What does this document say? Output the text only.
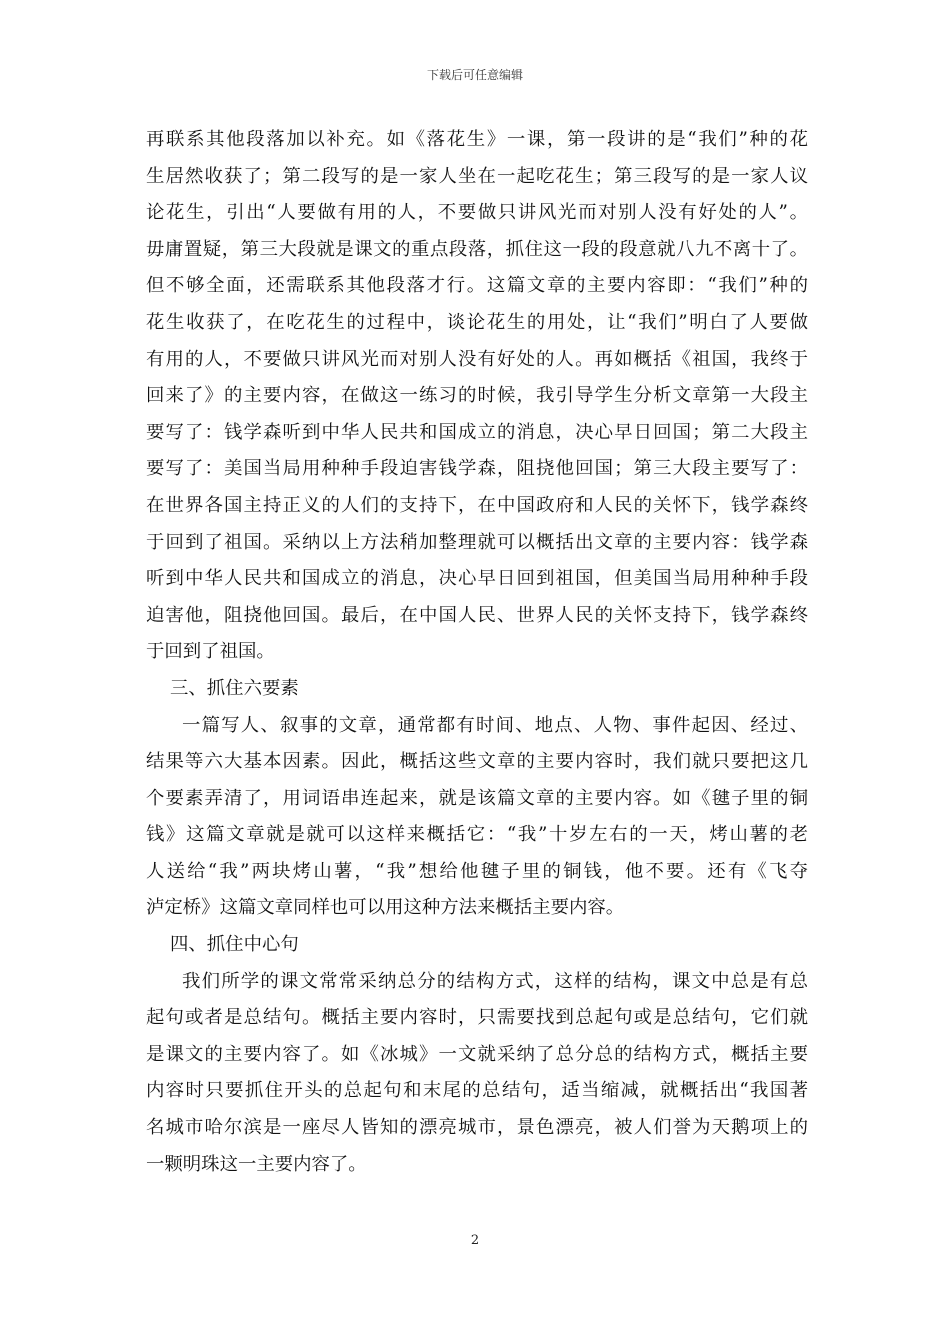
下载后可任意编辑
再联系其他段落加以补充。如《落花生》一课，第一段讲的是“我们”种的花
生居然收获了；第二段写的是一家人坐在一起吃花生；第三段写的是一家人议
论花生，引出“人要做有用的人，不要做只讲风光而对别人没有好处的人”。
毋庸置疑，第三大段就是课文的重点段落，抓住这一段的段意就八九不离十了。
但不够全面，还需联系其他段落才行。这篇文章的主要内容即：“我们”种的
花生收获了，在吃花生的过程中，谈论花生的用处，让“我们”明白了人要做
有用的人，不要做只讲风光而对别人没有好处的人。再如概括《祖国，我终于
回来了》的主要内容，在做这一练习的时候，我引导学生分析文章第一大段主
要写了：钱学森听到中华人民共和国成立的消息，决心早日回国；第二大段主
要写了：美国当局用种种手段迫害钱学森，阻挠他回国；第三大段主要写了：
在世界各国主持正义的人们的支持下，在中国政府和人民的关怀下，钱学森终
于回到了祖国。采纳以上方法稍加整理就可以概括出文章的主要内容：钱学森
听到中华人民共和国成立的消息，决心早日回到祖国，但美国当局用种种手段
迫害他，阻挠他回国。最后，在中国人民、世界人民的关怀支持下，钱学森终
于回到了祖国。
三、抓住六要素
一篇写人、叙事的文章，通常都有时间、地点、人物、事件起因、经过、
结果等六大基本因素。因此，概括这些文章的主要内容时，我们就只要把这几
个要素弄清了，用词语串连起来，就是该篇文章的主要内容。如《毽子里的铜
钱》这篇文章就是就可以这样来概括它：“我”十岁左右的一天，烤山薯的老
人送给“我”两块烤山薯，“我”想给他毽子里的铜钱，他不要。还有《飞夺
泸定桥》这篇文章同样也可以用这种方法来概括主要内容。
四、抓住中心句
我们所学的课文常常采纳总分的结构方式，这样的结构，课文中总是有总
起句或者是总结句。概括主要内容时，只需要找到总起句或是总结句，它们就
是课文的主要内容了。如《冰城》一文就采纳了总分总的结构方式，概括主要
内容时只要抓住开头的总起句和末尾的总结句，适当缩减，就概括出“我国著
名城市哈尔滨是一座尽人皆知的漂亮城市，景色漂亮，被人们誉为天鹅项上的
一颗明珠这一主要内容了。
2
